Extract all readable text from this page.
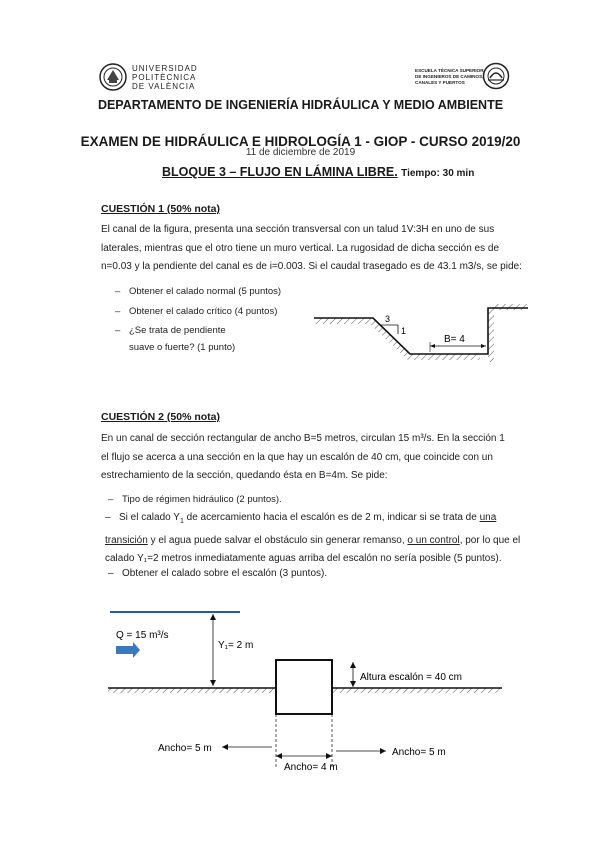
UNIVERSIDAD
POLITÈCNICA
DE VALÈNCIA
ESCUELA TÉCNICA SUPERIOR
DE INGENIEROS DE CAMINOS,
CANALES Y PUERTOS
DEPARTAMENTO DE INGENIERÍA HIDRÁULICA Y MEDIO AMBIENTE
EXAMEN DE HIDRÁULICA E HIDROLOGÍA 1 - GIOP - CURSO 2019/20
11 de diciembre de 2019
BLOQUE 3 – FLUJO EN LÁMINA LIBRE. Tiempo: 30 min
CUESTIÓN 1 (50% nota)
El canal de la figura, presenta una sección transversal con un talud 1V:3H en uno de sus
laterales, mientras que el otro tiene un muro vertical. La rugosidad de dicha sección es de
n=0.03 y la pendiente del canal es de i=0.003. Si el caudal trasegado es de 43.1 m3/s, se pide:
– Obtener el calado normal (5 puntos)
– Obtener el calado crítico (4 puntos)
– ¿Se trata de pendiente
suave o fuerte? (1 punto)
3
1
B= 4
CUESTIÓN 2 (50% nota)
En un canal de sección rectangular de ancho B=5 metros, circulan 15 m³/s. En la sección 1
el flujo se acerca a una sección en la que hay un escalón de 40 cm, que coincide con un
estrechamiento de la sección, quedando ésta en B=4m. Se pide:
– Tipo de régimen hidráulico (2 puntos).
– Si el calado $Y_1$ de acercamiento hacia el escalón es de 2 m, indicar si se trata de una
transición y el agua puede salvar el obstáculo sin generar remanso, o un control, por lo que el
calado Y₁=2 metros inmediatamente aguas arriba del escalón no sería posible (5 puntos).
– Obtener el calado sobre el escalón (3 puntos).
Q = 15 m³/s
Y₁= 2 m
Altura escalón = 40 cm
Ancho= 5 m	Ancho= 5 m
Ancho= 4 m
